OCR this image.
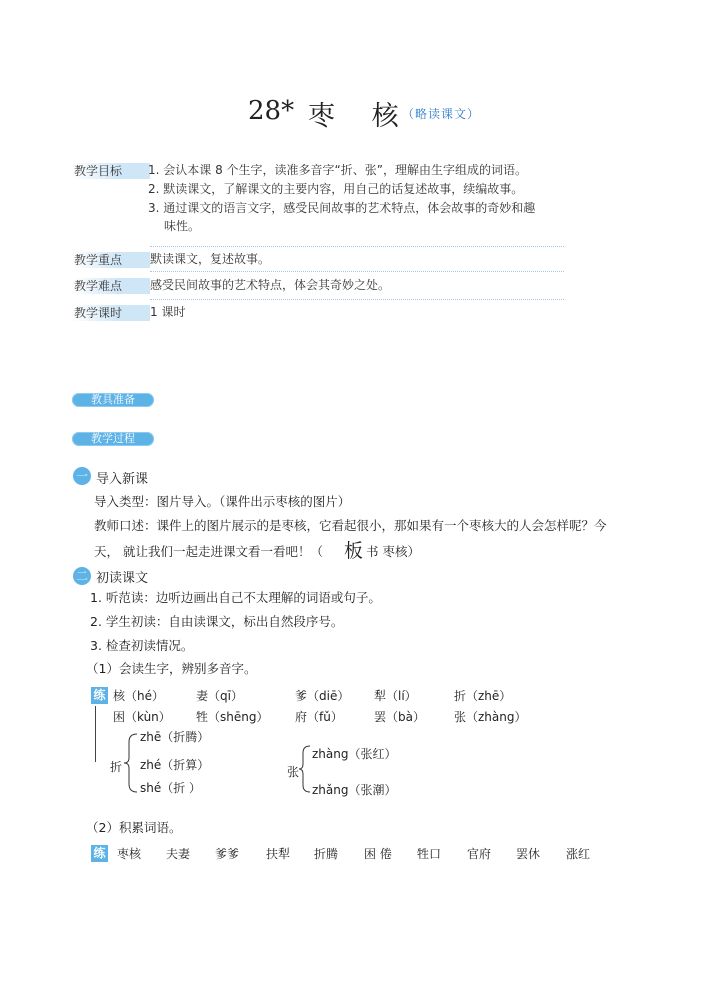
28* 枣 核
（略读课文）
教学目标	1. 会认本课 8 个生字，读准多音字“折、张”，理解由生字组成的词语。
2. 默读课文，了解课文的主要内容，用自己的话复述故事，续编故事。
3. 通过课文的语言文字，感受民间故事的艺术特点，体会故事的奇妙和趣
味性。
教学重点	默读课文，复述故事。
教学难点	感受民间故事的艺术特点，体会其奇妙之处。
教学课时	1 课时
教具准备
教学过程
一 导入新课
导入类型：图片导入。（课件出示枣核的图片）
教师口述：课件上的图片展示的是枣核，它看起很小，那如果有一个枣核大的人会怎样呢？今
天， 就让我们一起走进课文看一看吧！（ 板 书 枣核）
二 初读课文
1. 听范读：边听边画出自己不太理解的词语或句子。
2. 学生初读：自由读课文，标出自然段序号。
3. 检查初读情况。
（1）会读生字，辨别多音字。
练 核（hé）	妻（qī）	爹（diē） 犁（lí）	折（zhē）
困（kùn） 牲（shēng） 府（fǔ）	罢（bà） 张（zhàng）
折
zhē（折腾）
zhé（折算）
shé（折 ）
张
zhàng（张红）
zhǎng（张潮）
（2）积累词语。
练 枣核 夫妻 爹爹 扶犁 折腾 困 倦 牲口 官府 罢休 涨红
